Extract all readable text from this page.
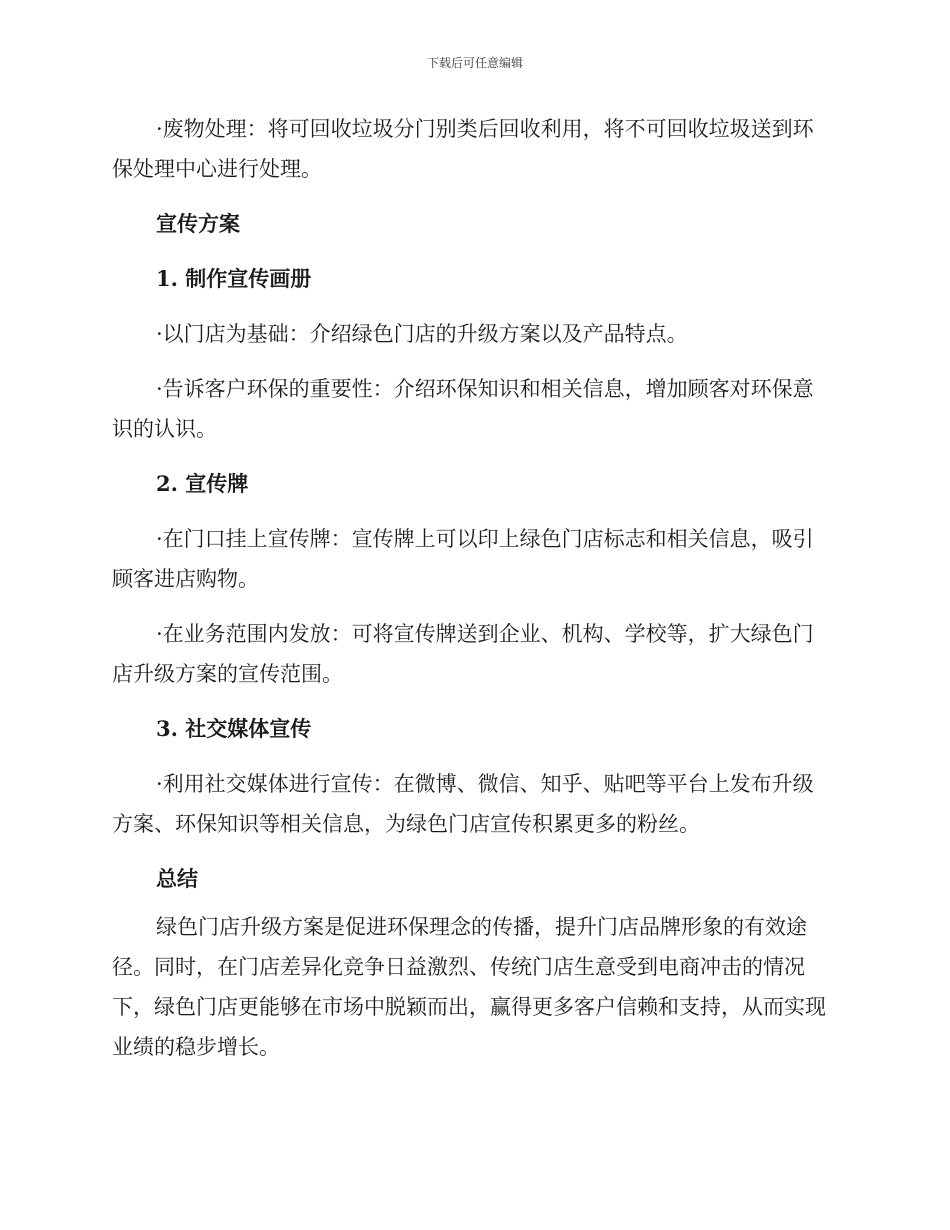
下载后可任意编辑

·废物处理：将可回收垃圾分门别类后回收利用，将不可回收垃圾送到环保处理中心进行处理。

宣传方案

1. 制作宣传画册

·以门店为基础：介绍绿色门店的升级方案以及产品特点。

·告诉客户环保的重要性：介绍环保知识和相关信息，增加顾客对环保意识的认识。

2. 宣传牌

·在门口挂上宣传牌：宣传牌上可以印上绿色门店标志和相关信息，吸引顾客进店购物。

·在业务范围内发放：可将宣传牌送到企业、机构、学校等，扩大绿色门店升级方案的宣传范围。

3. 社交媒体宣传

·利用社交媒体进行宣传：在微博、微信、知乎、贴吧等平台上发布升级方案、环保知识等相关信息，为绿色门店宣传积累更多的粉丝。

总结

绿色门店升级方案是促进环保理念的传播，提升门店品牌形象的有效途径。同时，在门店差异化竞争日益激烈、传统门店生意受到电商冲击的情况下，绿色门店更能够在市场中脱颖而出，赢得更多客户信赖和支持，从而实现业绩的稳步增长。
